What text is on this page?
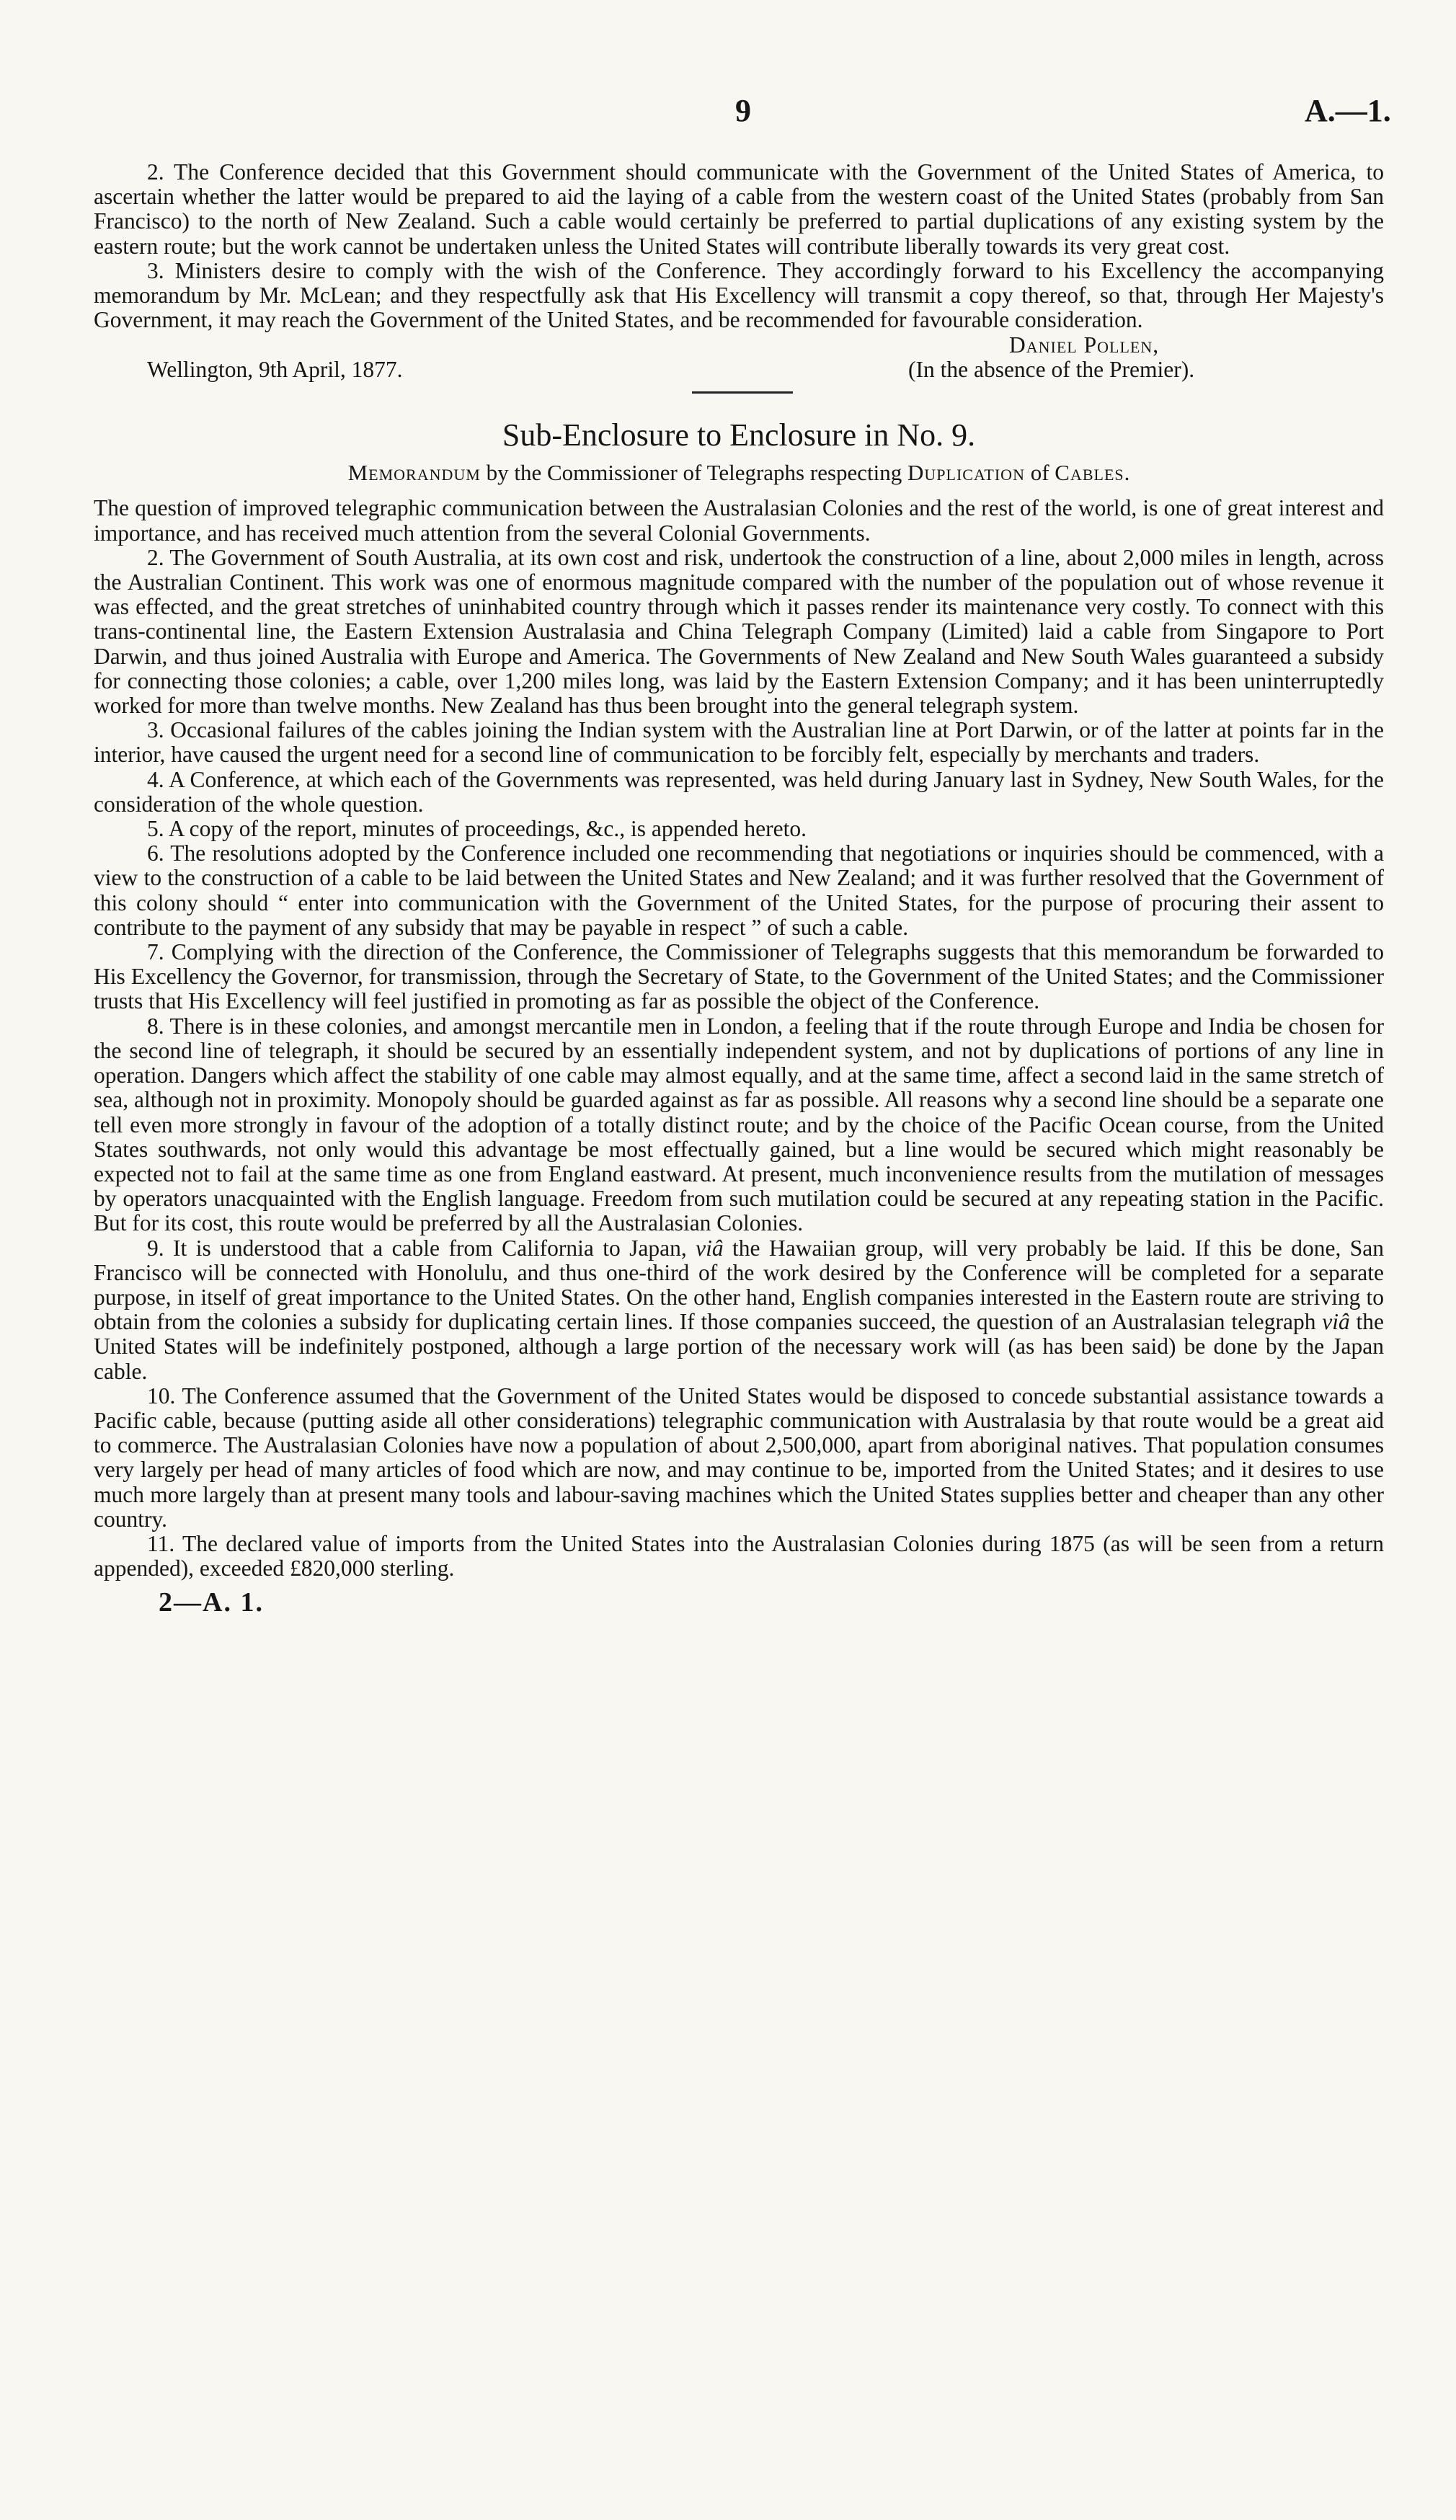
9	A.—1.

2. The Conference decided that this Government should communicate with the Government of the United States of America, to ascertain whether the latter would be prepared to aid the laying of a cable from the western coast of the United States (probably from San Francisco) to the north of New Zealand. Such a cable would certainly be preferred to partial duplications of any existing system by the eastern route; but the work cannot be undertaken unless the United States will contribute liberally towards its very great cost.

3. Ministers desire to comply with the wish of the Conference. They accordingly forward to his Excellency the accompanying memorandum by Mr. McLean; and they respectfully ask that His Excellency will transmit a copy thereof, so that, through Her Majesty's Government, it may reach the Government of the United States, and be recommended for favourable consideration.

Daniel Pollen,
Wellington, 9th April, 1877.	(In the absence of the Premier).
Sub-Enclosure to Enclosure in No. 9.
Memorandum by the Commissioner of Telegraphs respecting Duplication of Cables.

The question of improved telegraphic communication between the Australasian Colonies and the rest of the world, is one of great interest and importance, and has received much attention from the several Colonial Governments.

2. The Government of South Australia, at its own cost and risk, undertook the construction of a line, about 2,000 miles in length, across the Australian Continent. This work was one of enormous magnitude compared with the number of the population out of whose revenue it was effected, and the great stretches of uninhabited country through which it passes render its maintenance very costly. To connect with this trans-continental line, the Eastern Extension Australasia and China Telegraph Company (Limited) laid a cable from Singapore to Port Darwin, and thus joined Australia with Europe and America. The Governments of New Zealand and New South Wales guaranteed a subsidy for connecting those colonies; a cable, over 1,200 miles long, was laid by the Eastern Extension Company; and it has been uninterruptedly worked for more than twelve months. New Zealand has thus been brought into the general telegraph system.

3. Occasional failures of the cables joining the Indian system with the Australian line at Port Darwin, or of the latter at points far in the interior, have caused the urgent need for a second line of communication to be forcibly felt, especially by merchants and traders.

4. A Conference, at which each of the Governments was represented, was held during January last in Sydney, New South Wales, for the consideration of the whole question.

5. A copy of the report, minutes of proceedings, &c., is appended hereto.

6. The resolutions adopted by the Conference included one recommending that negotiations or inquiries should be commenced, with a view to the construction of a cable to be laid between the United States and New Zealand; and it was further resolved that the Government of this colony should “ enter into communication with the Government of the United States, for the purpose of procuring their assent to contribute to the payment of any subsidy that may be payable in respect ” of such a cable.

7. Complying with the direction of the Conference, the Commissioner of Telegraphs suggests that this memorandum be forwarded to His Excellency the Governor, for transmission, through the Secretary of State, to the Government of the United States; and the Commissioner trusts that His Excellency will feel justified in promoting as far as possible the object of the Conference.

8. There is in these colonies, and amongst mercantile men in London, a feeling that if the route through Europe and India be chosen for the second line of telegraph, it should be secured by an essentially independent system, and not by duplications of portions of any line in operation. Dangers which affect the stability of one cable may almost equally, and at the same time, affect a second laid in the same stretch of sea, although not in proximity. Monopoly should be guarded against as far as possible. All reasons why a second line should be a separate one tell even more strongly in favour of the adoption of a totally distinct route; and by the choice of the Pacific Ocean course, from the United States southwards, not only would this advantage be most effectually gained, but a line would be secured which might reasonably be expected not to fail at the same time as one from England eastward. At present, much inconvenience results from the mutilation of messages by operators unacquainted with the English language. Freedom from such mutilation could be secured at any repeating station in the Pacific. But for its cost, this route would be preferred by all the Australasian Colonies.

9. It is understood that a cable from California to Japan, viâ the Hawaiian group, will very probably be laid. If this be done, San Francisco will be connected with Honolulu, and thus one-third of the work desired by the Conference will be completed for a separate purpose, in itself of great importance to the United States. On the other hand, English companies interested in the Eastern route are striving to obtain from the colonies a subsidy for duplicating certain lines. If those companies succeed, the question of an Australasian telegraph viâ the United States will be indefinitely postponed, although a large portion of the necessary work will (as has been said) be done by the Japan cable.

10. The Conference assumed that the Government of the United States would be disposed to concede substantial assistance towards a Pacific cable, because (putting aside all other considerations) telegraphic communication with Australasia by that route would be a great aid to commerce. The Australasian Colonies have now a population of about 2,500,000, apart from aboriginal natives. That population consumes very largely per head of many articles of food which are now, and may continue to be, imported from the United States; and it desires to use much more largely than at present many tools and labour-saving machines which the United States supplies better and cheaper than any other country.

11. The declared value of imports from the United States into the Australasian Colonies during 1875 (as will be seen from a return appended), exceeded £820,000 sterling.

2—A. 1.
